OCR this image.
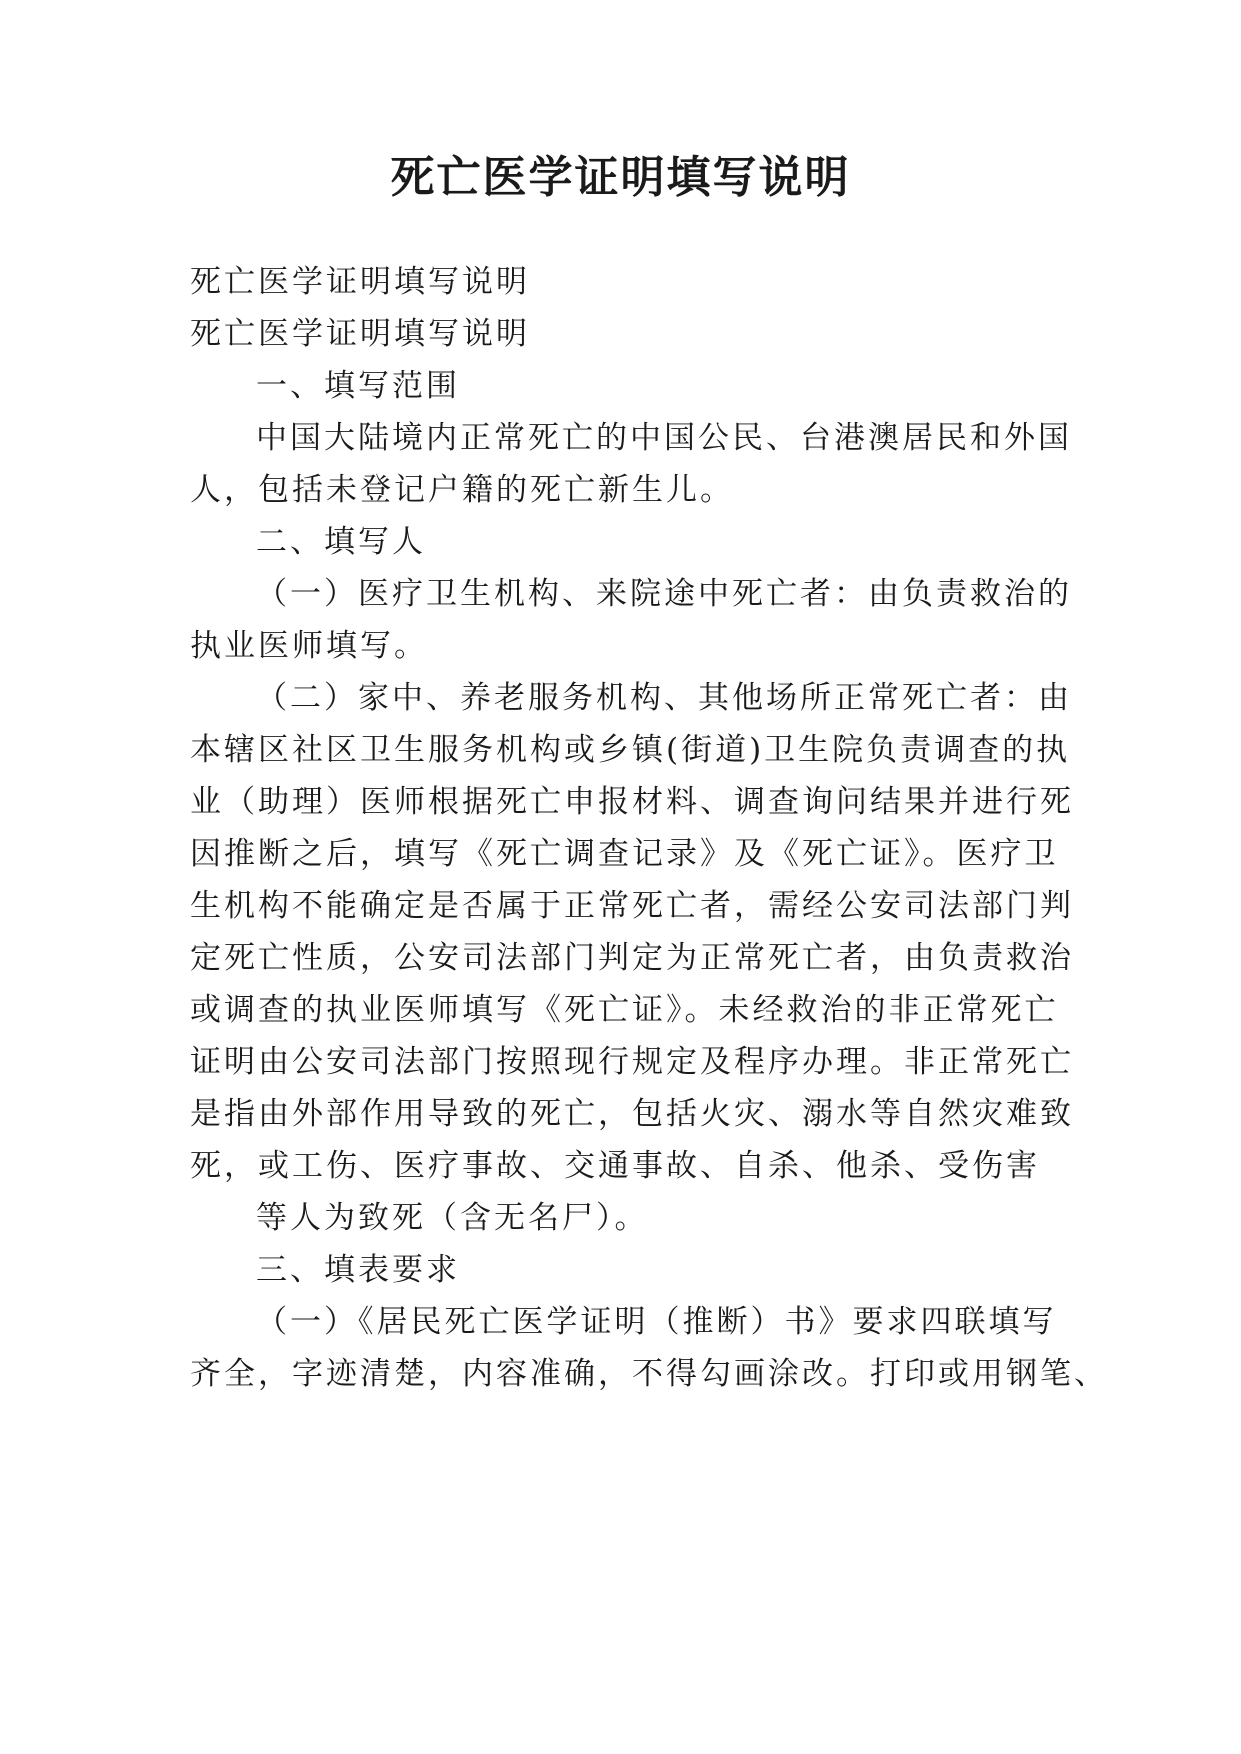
死亡医学证明填写说明

死亡医学证明填写说明

死亡医学证明填写说明

一、填写范围

中国大陆境内正常死亡的中国公民、台港澳居民和外国

人，包括未登记户籍的死亡新生儿。

二、填写人

（一）医疗卫生机构、来院途中死亡者：由负责救治的

执业医师填写。

（二）家中、养老服务机构、其他场所正常死亡者：由

本辖区社区卫生服务机构或乡镇(街道)卫生院负责调查的执

业（助理）医师根据死亡申报材料、调查询问结果并进行死

因推断之后，填写《死亡调查记录》及《死亡证》。医疗卫

生机构不能确定是否属于正常死亡者，需经公安司法部门判

定死亡性质，公安司法部门判定为正常死亡者，由负责救治

或调查的执业医师填写《死亡证》。未经救治的非正常死亡

证明由公安司法部门按照现行规定及程序办理。非正常死亡

是指由外部作用导致的死亡，包括火灾、溺水等自然灾难致

死，或工伤、医疗事故、交通事故、自杀、他杀、受伤害

等人为致死（含无名尸）。

三、填表要求

（一）《居民死亡医学证明（推断）书》要求四联填写

齐全，字迹清楚，内容准确，不得勾画涂改。打印或用钢笔、
